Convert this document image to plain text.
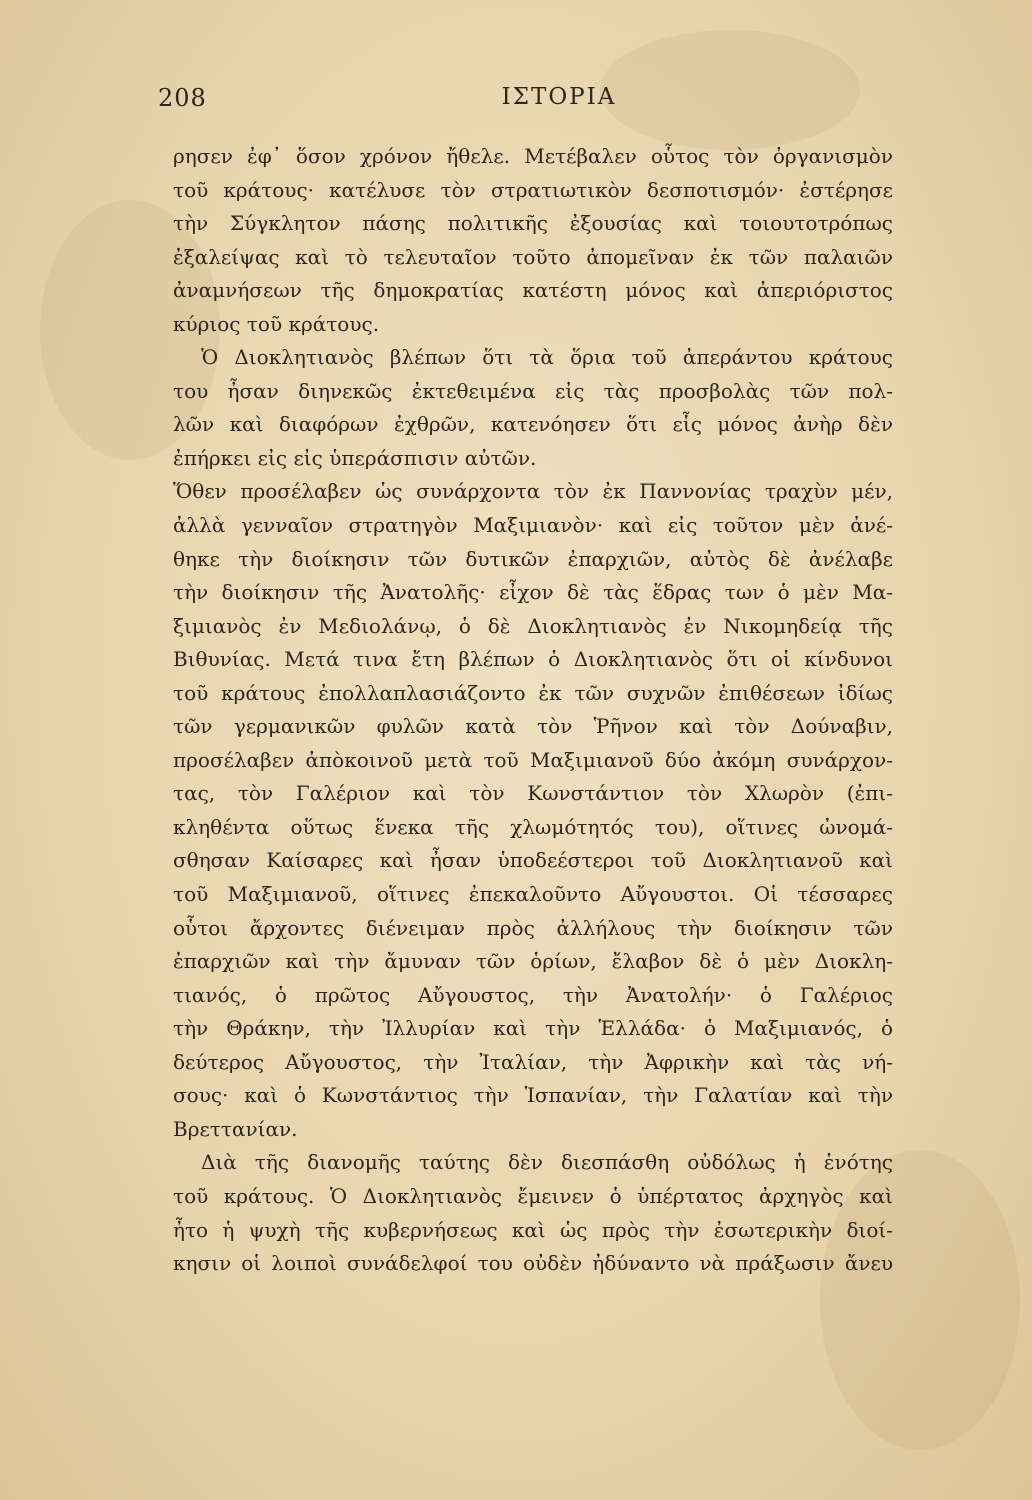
208	ΙΣΤΟΡΙΑ
ρησεν ἐφ᾽ ὅσον χρόνον ἤθελε. Μετέβαλεν οὗτος τὸν ὀργανισμὸν
τοῦ κράτους· κατέλυσε τὸν στρατιωτικὸν δεσποτισμόν· ἐστέρησε
τὴν Σύγκλητον πάσης πολιτικῆς ἐξουσίας καὶ τοιουτοτρόπως
ἐξαλείψας καὶ τὸ τελευταῖον τοῦτο ἀπομεῖναν ἐκ τῶν παλαιῶν
ἀναμνήσεων τῆς δημοκρατίας κατέστη μόνος καὶ ἀπεριόριστος
κύριος τοῦ κράτους.
Ὁ Διοκλητιανὸς βλέπων ὅτι τὰ ὅρια τοῦ ἀπεράντου κράτους
του ἦσαν διηνεκῶς ἐκτεθειμένα εἰς τὰς προσβολὰς τῶν πολ-
λῶν καὶ διαφόρων ἐχθρῶν, κατενόησεν ὅτι εἷς μόνος ἀνὴρ δὲν
ἐπήρκει εἰς εἰς ὑπεράσπισιν αὐτῶν.
Ὅθεν προσέλαβεν ὡς συνάρχοντα τὸν ἐκ Παννονίας τραχὺν μέν,
ἀλλὰ γενναῖον στρατηγὸν Μαξιμιανὸν· καὶ εἰς τοῦτον μὲν ἀνέ-
θηκε τὴν διοίκησιν τῶν δυτικῶν ἐπαρχιῶν, αὐτὸς δὲ ἀνέλαβε
τὴν διοίκησιν τῆς Ἀνατολῆς· εἶχον δὲ τὰς ἕδρας των ὁ μὲν Μα-
ξιμιανὸς ἐν Μεδιολάνῳ, ὁ δὲ Διοκλητιανὸς ἐν Νικομηδείᾳ τῆς
Βιθυνίας. Μετά τινα ἔτη βλέπων ὁ Διοκλητιανὸς ὅτι οἱ κίνδυνοι
τοῦ κράτους ἐπολλαπλασιάζοντο ἐκ τῶν συχνῶν ἐπιθέσεων ἰδίως
τῶν γερμανικῶν φυλῶν κατὰ τὸν Ῥῆνον καὶ τὸν Δούναβιν,
προσέλαβεν ἀπὸκοινοῦ μετὰ τοῦ Μαξιμιανοῦ δύο ἀκόμη συνάρχον-
τας, τὸν Γαλέριον καὶ τὸν Κωνστάντιον τὸν Χλωρὸν (ἐπι-
κληθέντα οὕτως ἕνεκα τῆς χλωμότητός του), οἵτινες ὠνομά-
σθησαν Καίσαρες καὶ ἦσαν ὑποδεέστεροι τοῦ Διοκλητιανοῦ καὶ
τοῦ Μαξιμιανοῦ, οἵτινες ἐπεκαλοῦντο Αὔγουστοι. Οἱ τέσσαρες
οὗτοι ἄρχοντες διένειμαν πρὸς ἀλλήλους τὴν διοίκησιν τῶν
ἐπαρχιῶν καὶ τὴν ἄμυναν τῶν ὁρίων, ἔλαβον δὲ ὁ μὲν Διοκλη-
τιανός, ὁ πρῶτος Αὔγουστος, τὴν Ἀνατολήν· ὁ Γαλέριος
τὴν Θράκην, τὴν Ἰλλυρίαν καὶ τὴν Ἑλλάδα· ὁ Μαξιμιανός, ὁ
δεύτερος Αὔγουστος, τὴν Ἰταλίαν, τὴν Ἀφρικὴν καὶ τὰς νή-
σους· καὶ ὁ Κωνστάντιος τὴν Ἱσπανίαν, τὴν Γαλατίαν καὶ τὴν
Βρεττανίαν.
Διὰ τῆς διανομῆς ταύτης δὲν διεσπάσθη οὐδόλως ἡ ἑνότης
τοῦ κράτους. Ὁ Διοκλητιανὸς ἔμεινεν ὁ ὑπέρτατος ἀρχηγὸς καὶ
ἦτο ἡ ψυχὴ τῆς κυβερνήσεως καὶ ὡς πρὸς τὴν ἐσωτερικὴν διοί-
κησιν οἱ λοιποὶ συνάδελφοί του οὐδὲν ἠδύναντο νὰ πράξωσιν ἄνευ
